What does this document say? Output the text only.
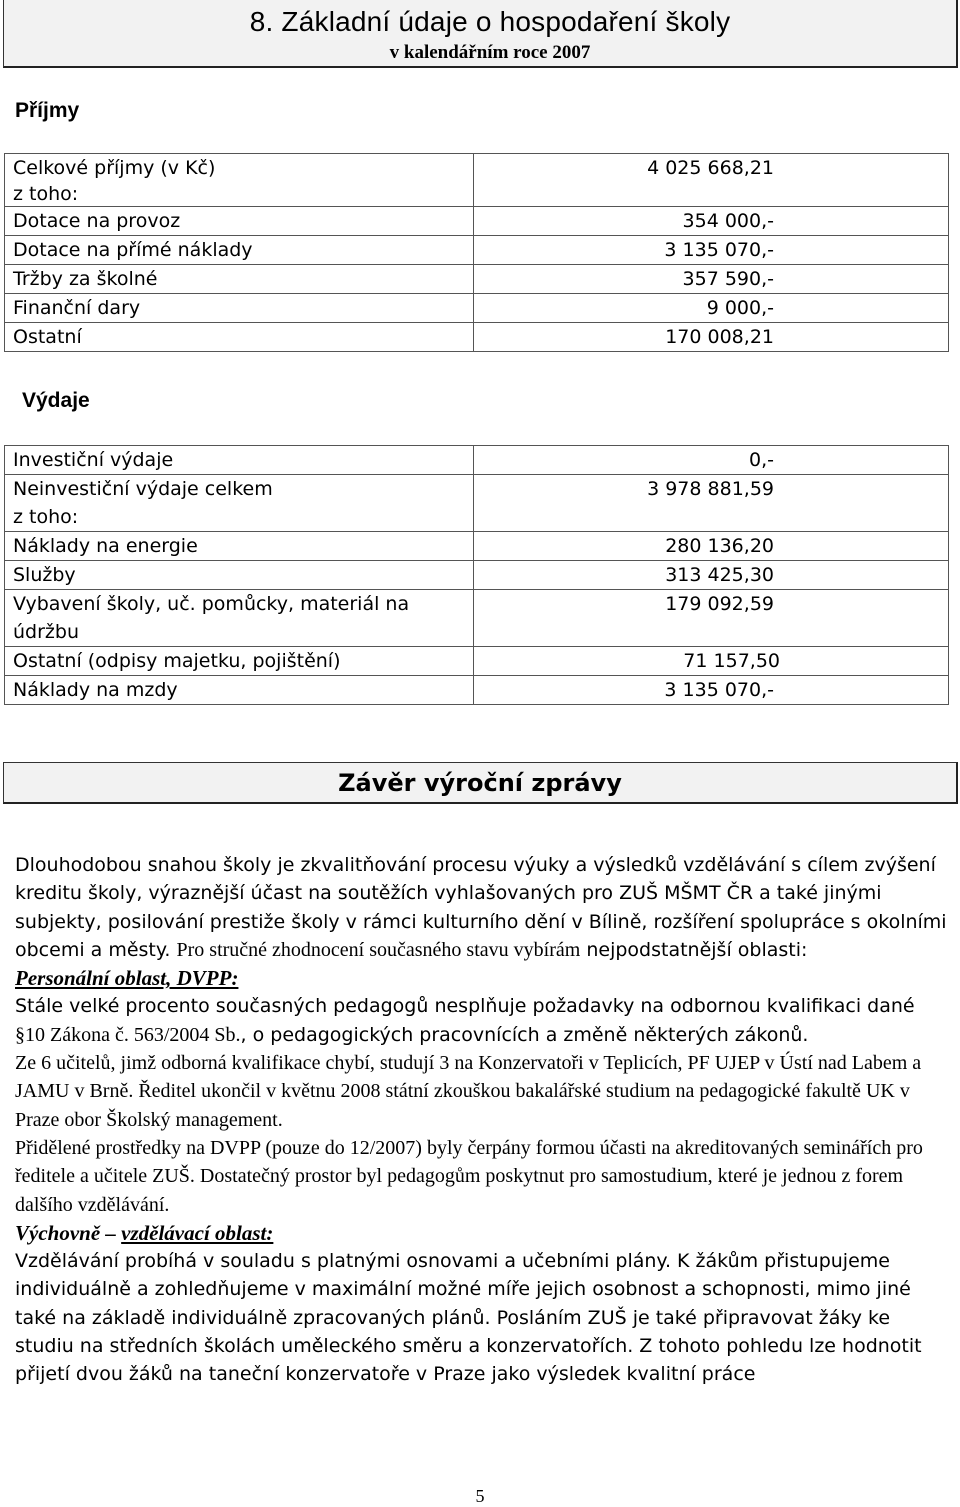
8. Základní údaje o hospodaření školy
v kalendářním roce 2007
Příjmy
Celkové příjmy (v Kč)	4 025 668,21
z toho:	
Dotace na provoz	354 000,-
Dotace na přímé náklady	3 135 070,-
Tržby za školné	357 590,-
Finanční dary	9 000,-
Ostatní	170 008,21
Výdaje
Investiční výdaje	0,-
Neinvestiční výdaje celkem	3 978 881,59
z toho:	
Náklady na energie	280 136,20
Služby	313 425,30
Vybavení školy, uč. pomůcky, materiál na	179 092,59
údržbu	
Ostatní (odpisy majetku, pojištění)	71 157,50
Náklady na mzdy	3 135 070,-
Závěr výroční zprávy

Dlouhodobou snahou školy je zkvalitňování procesu výuky a výsledků vzdělávání s cílem zvýšení kreditu školy, výraznější účast na soutěžích vyhlašovaných pro ZUŠ MŠMT ČR a také jinými subjekty, posilování prestiže školy v rámci kulturního dění v Bílině, rozšíření spolupráce s okolními obcemi a městy. Pro stručné zhodnocení současného stavu vybírám nejpodstatnější oblasti:

Personální oblast, DVPP:

Stále velké procento současných pedagogů nesplňuje požadavky na odbornou kvalifikaci dané §10 Zákona č. 563/2004 Sb., o pedagogických pracovnících a změně některých zákonů.

Ze 6 učitelů, jimž odborná kvalifikace chybí, studují 3 na Konzervatoři v Teplicích, PF UJEP v Ústí nad Labem a JAMU v Brně. Ředitel ukončil v květnu 2008 státní zkouškou bakalářské studium na pedagogické fakultě UK v Praze obor Školský management.

Přidělené prostředky na DVPP (pouze do 12/2007) byly čerpány formou účasti na akreditovaných seminářích pro ředitele a učitele ZUŠ. Dostatečný prostor byl pedagogům poskytnut pro samostudium, které je jednou z forem dalšího vzdělávání.

Výchovně – vzdělávací oblast:

Vzdělávání probíhá v souladu s platnými osnovami a učebními plány. K žákům přistupujeme individuálně a zohledňujeme v maximální možné míře jejich osobnost a schopnosti, mimo jiné také na základě individuálně zpracovaných plánů. Posláním ZUŠ je také připravovat žáky ke studiu na středních školách uměleckého směru a konzervatořích. Z tohoto pohledu lze hodnotit přijetí dvou žáků na taneční konzervatoře v Praze jako výsledek kvalitní práce

5
